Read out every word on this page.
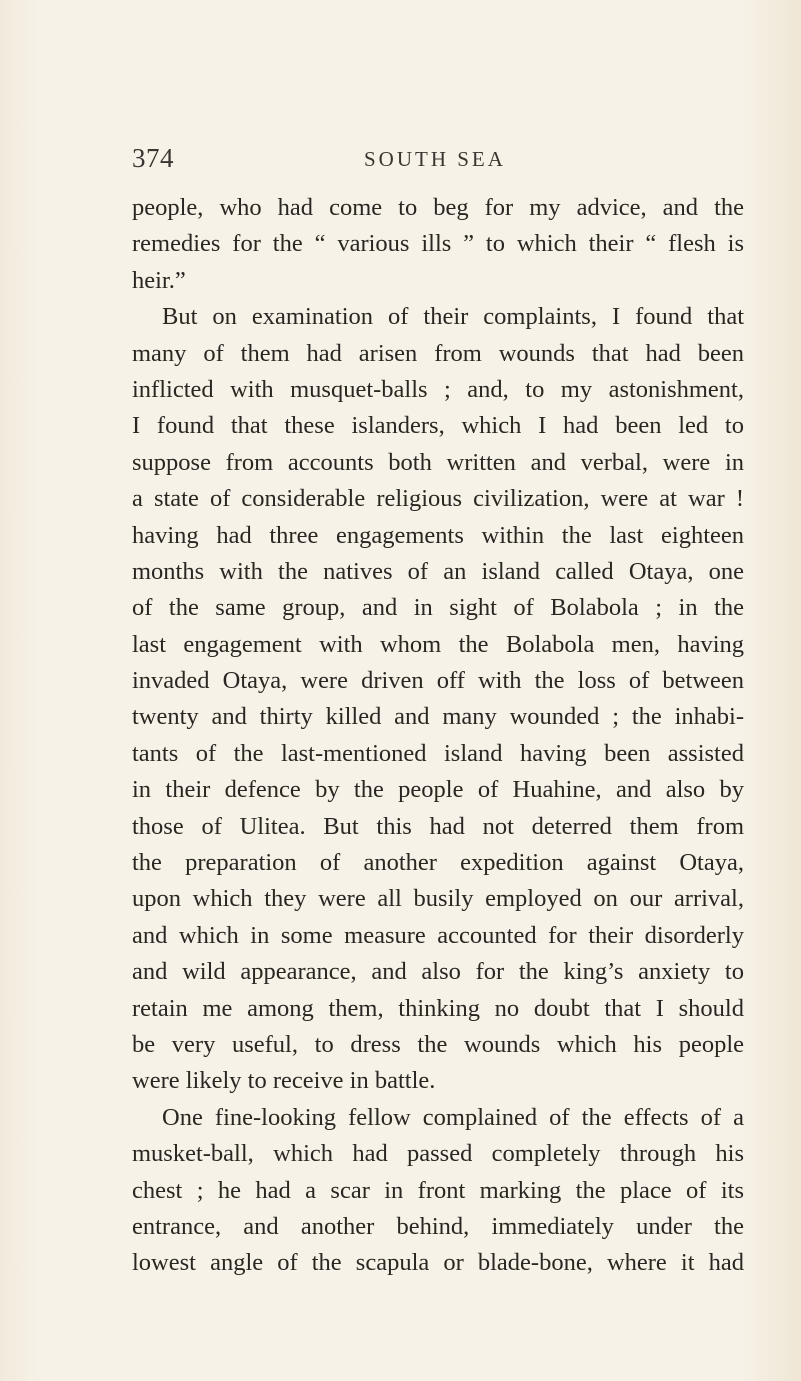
374	SOUTH SEA
people, who had come to beg for my advice, and the
remedies for the “ various ills ” to which their “ flesh is
heir.”
But on examination of their complaints, I found that
many of them had arisen from wounds that had been
inflicted with musquet-balls ; and, to my astonishment,
I found that these islanders, which I had been led to
suppose from accounts both written and verbal, were in
a state of considerable religious civilization, were at war !
having had three engagements within the last eighteen
months with the natives of an island called Otaya, one
of the same group, and in sight of Bolabola ; in the
last engagement with whom the Bolabola men, having
invaded Otaya, were driven off with the loss of between
twenty and thirty killed and many wounded ; the inhabi-
tants of the last-mentioned island having been assisted
in their defence by the people of Huahine, and also by
those of Ulitea. But this had not deterred them from
the preparation of another expedition against Otaya,
upon which they were all busily employed on our arrival,
and which in some measure accounted for their disorderly
and wild appearance, and also for the king’s anxiety to
retain me among them, thinking no doubt that I should
be very useful, to dress the wounds which his people
were likely to receive in battle.
One fine-looking fellow complained of the effects of a
musket-ball, which had passed completely through his
chest ; he had a scar in front marking the place of its
entrance, and another behind, immediately under the
lowest angle of the scapula or blade-bone, where it had
